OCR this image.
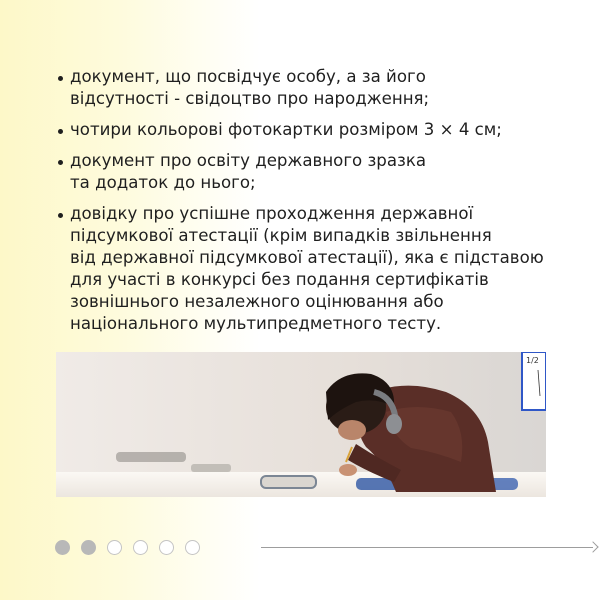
документ, що посвідчує особу, а за його
відсутності - свідоцтво про народження;
чотири кольорові фотокартки розміром 3 × 4 см;
документ про освіту державного зразка
та додаток до нього;
довідку про успішне проходження державної
підсумкової атестації (крім випадків звільнення
від державної підсумкової атестації), яка є підставою
для участі в конкурсі без подання сертифікатів
зовнішнього незалежного оцінювання або
національного мультипредметного тесту.
1/2
